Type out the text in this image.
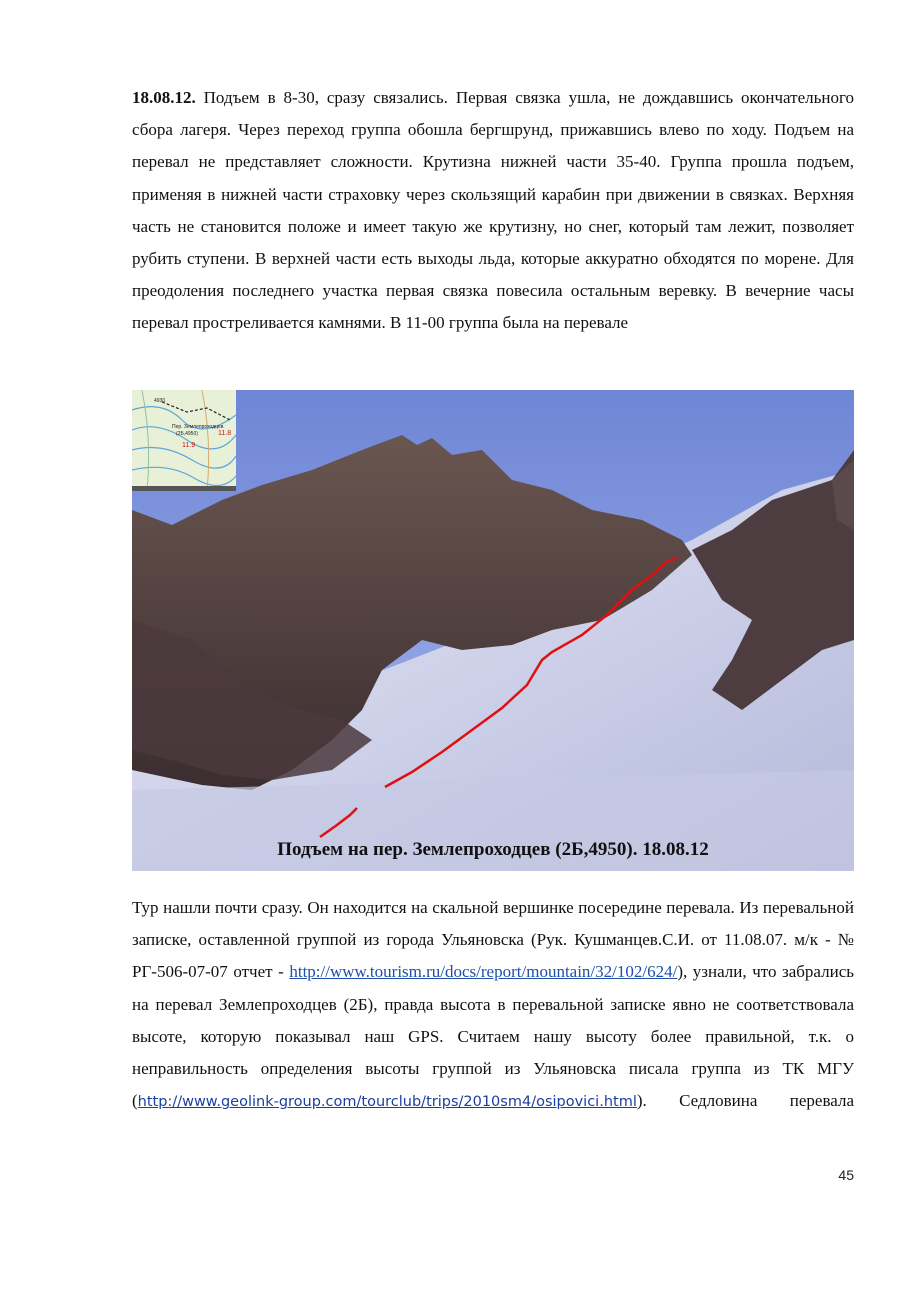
18.08.12. Подъем в 8-30, сразу связались. Первая связка ушла, не дождавшись окончательного сбора лагеря. Через переход группа обошла бергшрунд, прижавшись влево по ходу. Подъем на перевал не представляет сложности. Крутизна нижней части 35-40. Группа прошла подъем, применяя в нижней части страховку через скользящий карабин при движении в связках. Верхняя часть не становится положе и имеет такую же крутизну, но снег, который там лежит, позволяет рубить ступени. В верхней части есть выходы льда, которые аккуратно обходятся по морене. Для преодоления последнего участка первая связка повесила остальным веревку. В вечерние часы перевал простреливается камнями. В 11-00 группа была на перевале

Пер. Землепроходцев
(2Б,4950)	11.8
11.9
4930
Подъем на пер. Землепроходцев (2Б,4950). 18.08.12

Тур нашли почти сразу. Он находится на скальной вершинке посередине перевала. Из перевальной записке, оставленной группой из города Ульяновска (Рук. Кушманцев.С.И. от 11.08.07. м/к - № РГ-506-07-07 отчет - http://www.tourism.ru/docs/report/mountain/32/102/624/), узнали, что забрались на перевал Землепроходцев (2Б), правда высота в перевальной записке явно не соответствовала высоте, которую показывал наш GPS. Считаем нашу высоту более правильной, т.к. о неправильность определения высоты группой из Ульяновска писала группа из ТК МГУ (http://www.geolink-group.com/tourclub/trips/2010sm4/osipovici.html). Седловина перевала

45
